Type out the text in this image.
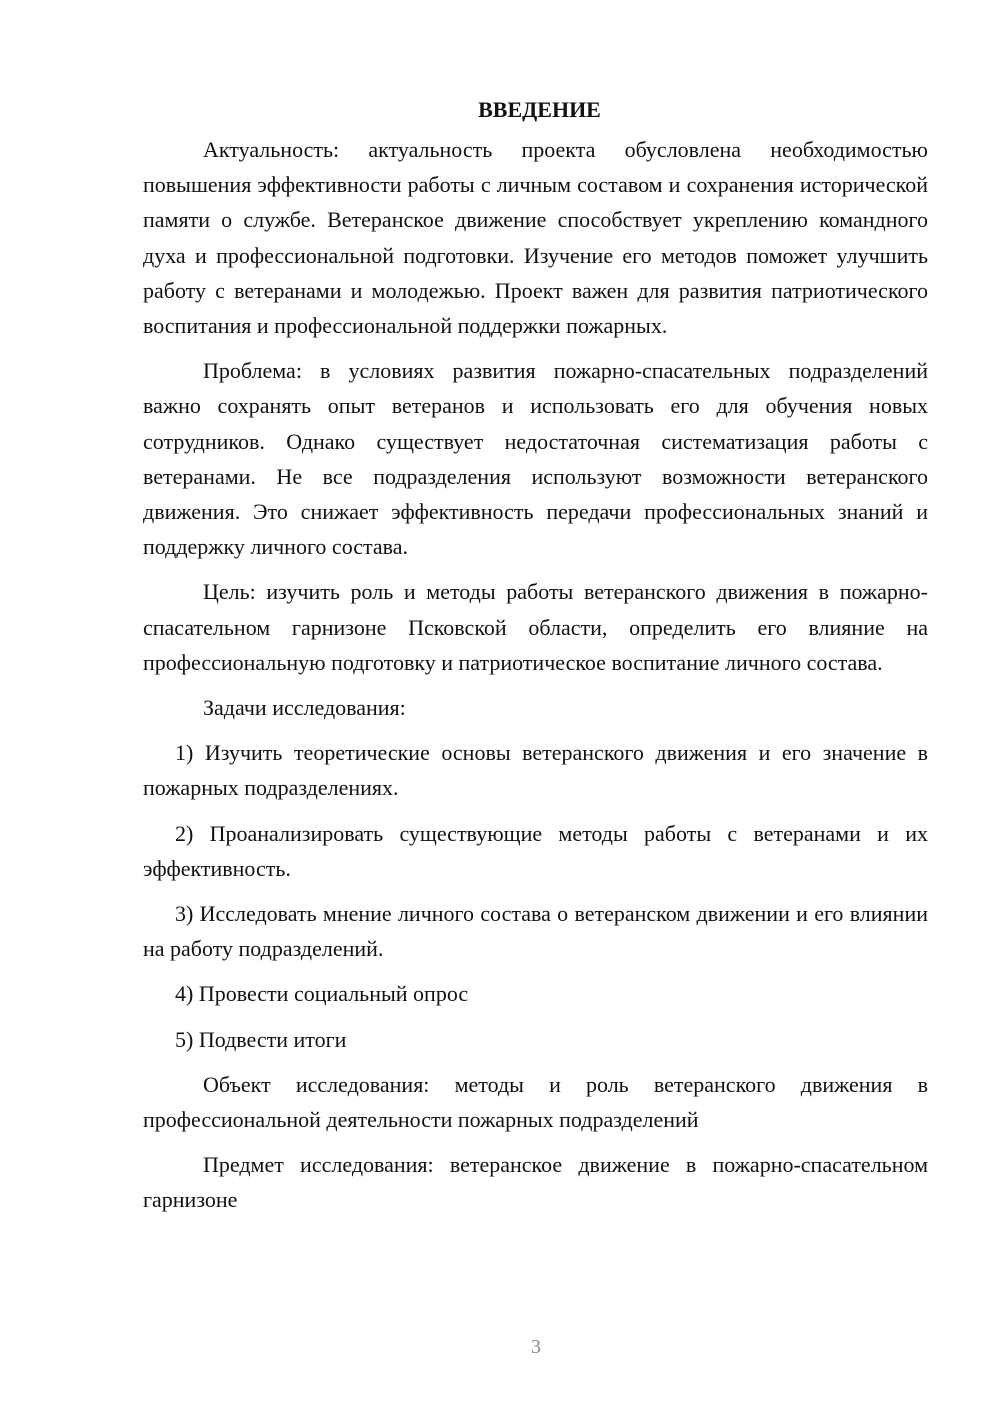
ВВЕДЕНИЕ

Актуальность: актуальность проекта обусловлена необходимостью повышения эффективности работы с личным составом и сохранения исторической памяти о службе. Ветеранское движение способствует укреплению командного духа и профессиональной подготовки. Изучение его методов поможет улучшить работу с ветеранами и молодежью. Проект важен для развития патриотического воспитания и профессиональной поддержки пожарных.

Проблема: в условиях развития пожарно-спасательных подразделений важно сохранять опыт ветеранов и использовать его для обучения новых сотрудников. Однако существует недостаточная систематизация работы с ветеранами. Не все подразделения используют возможности ветеранского движения. Это снижает эффективность передачи профессиональных знаний и поддержку личного состава.

Цель: изучить роль и методы работы ветеранского движения в пожарно-спасательном гарнизоне Псковской области, определить его влияние на профессиональную подготовку и патриотическое воспитание личного состава.

Задачи исследования:

1) Изучить теоретические основы ветеранского движения и его значение в пожарных подразделениях.

2) Проанализировать существующие методы работы с ветеранами и их эффективность.

3) Исследовать мнение личного состава о ветеранском движении и его влиянии на работу подразделений.

4) Провести социальный опрос

5) Подвести итоги

Объект исследования: методы и роль ветеранского движения в профессиональной деятельности пожарных подразделений

Предмет исследования: ветеранское движение в пожарно-спасательном гарнизоне

3
